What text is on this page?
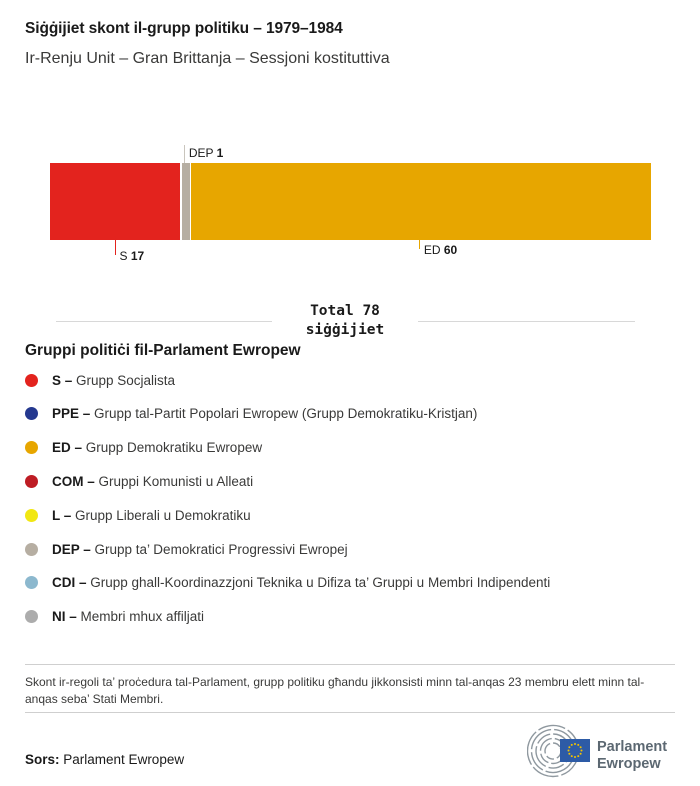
Siġġijiet skont il-grupp politiku – 1979–1984
Ir-Renju Unit – Gran Brittanja – Sessjoni kostituttiva
S 17
DEP 1
ED 60
Total 78
siġġijiet
Gruppi politiċi fil-Parlament Ewropew
S – Grupp Socjalista
PPE – Grupp tal-Partit Popolari Ewropew (Grupp Demokratiku-Kristjan)
ED – Grupp Demokratiku Ewropew
COM – Gruppi Komunisti u Alleati
L – Grupp Liberali u Demokratiku
DEP – Grupp ta’ Demokratici Progressivi Ewropej
CDI – Grupp ghall-Koordinazzjoni Teknika u Difiza ta’ Gruppi u Membri Indipendenti
NI – Membri mhux affiljati
Skont ir-regoli ta’ proċedura tal-Parlament, grupp politiku għandu jikkonsisti minn tal-anqas 23 membru elett minn tal-anqas seba’ Stati Membri.
Sors: Parlament Ewropew
Parlament Ewropew
